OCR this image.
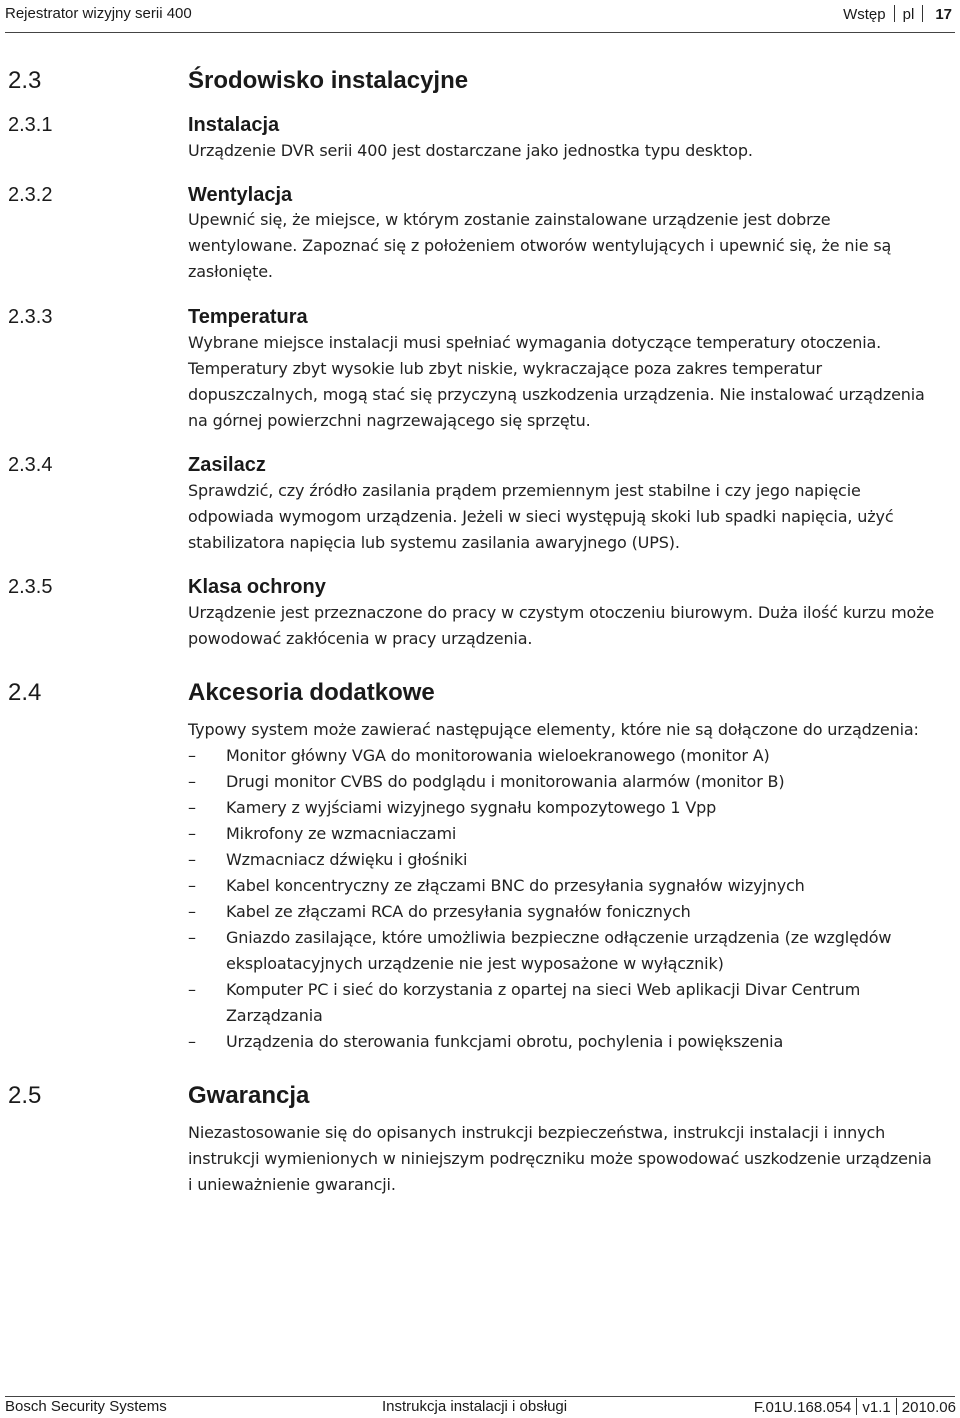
Rejestrator wizyjny serii 400	Wstęp pl 17
2.3	Środowisko instalacyjne
2.3.1	Instalacja
Urządzenie DVR serii 400 jest dostarczane jako jednostka typu desktop.
2.3.2	Wentylacja
Upewnić się, że miejsce, w którym zostanie zainstalowane urządzenie jest dobrze
wentylowane. Zapoznać się z położeniem otworów wentylujących i upewnić się, że nie są
zasłonięte.
2.3.3	Temperatura
Wybrane miejsce instalacji musi spełniać wymagania dotyczące temperatury otoczenia.
Temperatury zbyt wysokie lub zbyt niskie, wykraczające poza zakres temperatur
dopuszczalnych, mogą stać się przyczyną uszkodzenia urządzenia. Nie instalować urządzenia
na górnej powierzchni nagrzewającego się sprzętu.
2.3.4	Zasilacz
Sprawdzić, czy źródło zasilania prądem przemiennym jest stabilne i czy jego napięcie
odpowiada wymogom urządzenia. Jeżeli w sieci występują skoki lub spadki napięcia, użyć
stabilizatora napięcia lub systemu zasilania awaryjnego (UPS).
2.3.5	Klasa ochrony
Urządzenie jest przeznaczone do pracy w czystym otoczeniu biurowym. Duża ilość kurzu może
powodować zakłócenia w pracy urządzenia.
2.4	Akcesoria dodatkowe
Typowy system może zawierać następujące elementy, które nie są dołączone do urządzenia:
– Monitor główny VGA do monitorowania wieloekranowego (monitor A)
– Drugi monitor CVBS do podglądu i monitorowania alarmów (monitor B)
– Kamery z wyjściami wizyjnego sygnału kompozytowego 1 Vpp
– Mikrofony ze wzmacniaczami
– Wzmacniacz dźwięku i głośniki
– Kabel koncentryczny ze złączami BNC do przesyłania sygnałów wizyjnych
– Kabel ze złączami RCA do przesyłania sygnałów fonicznych
– Gniazdo zasilające, które umożliwia bezpieczne odłączenie urządzenia (ze względów
eksploatacyjnych urządzenie nie jest wyposażone w wyłącznik)
– Komputer PC i sieć do korzystania z opartej na sieci Web aplikacji Divar Centrum
Zarządzania
– Urządzenia do sterowania funkcjami obrotu, pochylenia i powiększenia
2.5	Gwarancja
Niezastosowanie się do opisanych instrukcji bezpieczeństwa, instrukcji instalacji i innych
instrukcji wymienionych w niniejszym podręczniku może spowodować uszkodzenie urządzenia
i unieważnienie gwarancji.
Bosch Security Systems	Instrukcja instalacji i obsługi	F.01U.168.054 v1.1 2010.06
